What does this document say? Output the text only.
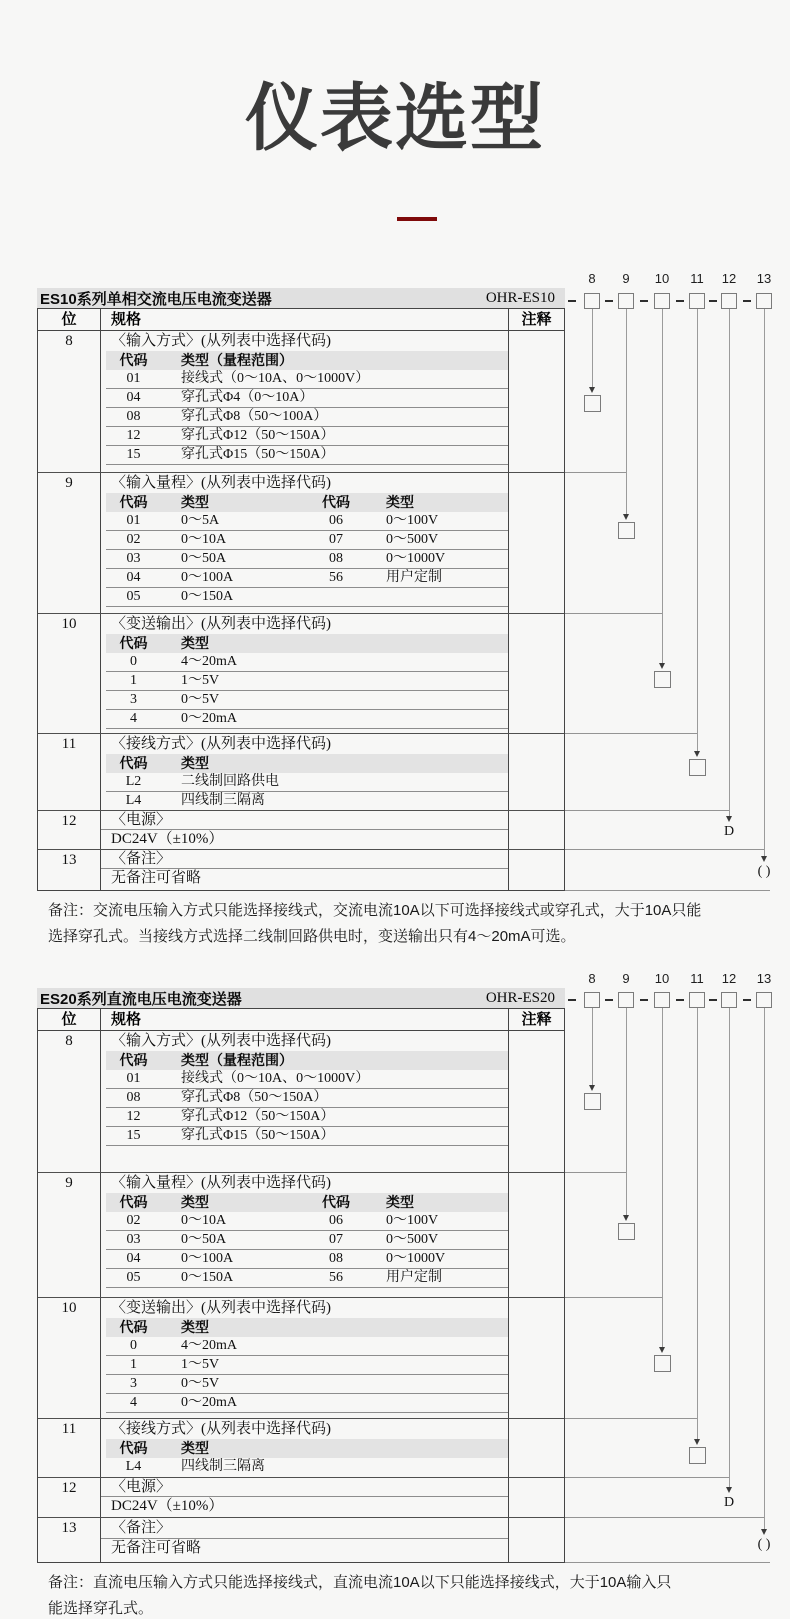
仪表选型
ES10系列单相交流电压电流变送器	OHR-ES10
位	规格	注释
8	〈输入方式〉(从列表中选择代码)
代码	类型（量程范围）
01	接线式（0～10A、0～1000V）
04	穿孔式Φ4（0～10A）
08	穿孔式Φ8（50～100A）
12	穿孔式Φ12（50～150A）
15	穿孔式Φ15（50～150A）
9	〈输入量程〉(从列表中选择代码)
代码	类型	代码	类型
01	0～5A	06	0～100V
02	0～10A	07	0～500V
03	0～50A	08	0～1000V
04	0～100A	56	用户定制
05	0～150A
10	〈变送输出〉(从列表中选择代码)
代码	类型
0	4～20mA
1	1～5V
3	0～5V
4	0～20mA
11	〈接线方式〉(从列表中选择代码)
代码	类型
L2	二线制回路供电
L4	四线制三隔离
12	〈电源〉
DC24V（±10%）
13	〈备注〉
无备注可省略
8	9	10	11	12
D
13
( )
备注：交流电压输入方式只能选择接线式，交流电流10A以下可选择接线式或穿孔式，大于10A只能
选择穿孔式。当接线方式选择二线制回路供电时，变送输出只有4～20mA可选。
ES20系列直流电压电流变送器	OHR-ES20
位	规格	注释
8	〈输入方式〉(从列表中选择代码)
代码	类型（量程范围）
01	接线式（0～10A、0～1000V）
08	穿孔式Φ8（50～150A）
12	穿孔式Φ12（50～150A）
15	穿孔式Φ15（50～150A）
9	〈输入量程〉(从列表中选择代码)
代码	类型	代码	类型
02	0～10A	06	0～100V
03	0～50A	07	0～500V
04	0～100A	08	0～1000V
05	0～150A	56	用户定制
10	〈变送输出〉(从列表中选择代码)
代码	类型
0	4～20mA
1	1～5V
3	0～5V
4	0～20mA
11	〈接线方式〉(从列表中选择代码)
代码	类型
L4	四线制三隔离
12	〈电源〉
DC24V（±10%）
13	〈备注〉
无备注可省略
8	9	10	11	12
D
13
( )
备注：直流电压输入方式只能选择接线式，直流电流10A以下只能选择接线式，大于10A输入只
能选择穿孔式。
